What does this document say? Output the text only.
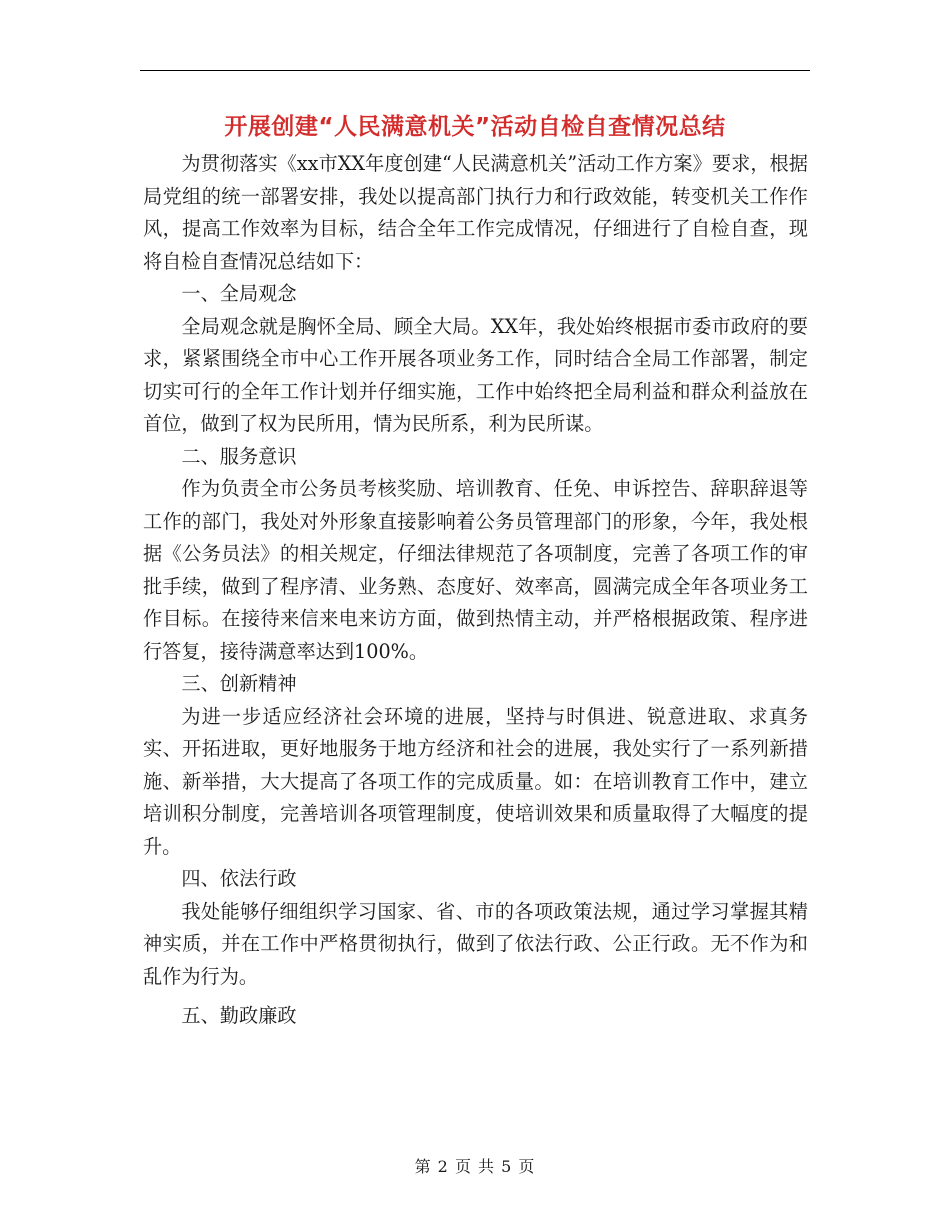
开展创建“人民满意机关”活动自检自查情况总结

为贯彻落实《xx市XX年度创建“人民满意机关”活动工作方案》要求，根据局党组的统一部署安排，我处以提高部门执行力和行政效能，转变机关工作作风，提高工作效率为目标，结合全年工作完成情况，仔细进行了自检自查，现将自检自查情况总结如下：

一、全局观念

全局观念就是胸怀全局、顾全大局。XX年，我处始终根据市委市政府的要求，紧紧围绕全市中心工作开展各项业务工作，同时结合全局工作部署，制定切实可行的全年工作计划并仔细实施，工作中始终把全局利益和群众利益放在首位，做到了权为民所用，情为民所系，利为民所谋。

二、服务意识

作为负责全市公务员考核奖励、培训教育、任免、申诉控告、辞职辞退等工作的部门，我处对外形象直接影响着公务员管理部门的形象，今年，我处根据《公务员法》的相关规定，仔细法律规范了各项制度，完善了各项工作的审批手续，做到了程序清、业务熟、态度好、效率高，圆满完成全年各项业务工作目标。在接待来信来电来访方面，做到热情主动，并严格根据政策、程序进行答复，接待满意率达到100%。

三、创新精神

为进一步适应经济社会环境的进展，坚持与时俱进、锐意进取、求真务实、开拓进取，更好地服务于地方经济和社会的进展，我处实行了一系列新措施、新举措，大大提高了各项工作的完成质量。如：在培训教育工作中，建立培训积分制度，完善培训各项管理制度，使培训效果和质量取得了大幅度的提升。

四、依法行政

我处能够仔细组织学习国家、省、市的各项政策法规，通过学习掌握其精神实质，并在工作中严格贯彻执行，做到了依法行政、公正行政。无不作为和乱作为行为。

五、勤政廉政

第 2 页 共 5 页
